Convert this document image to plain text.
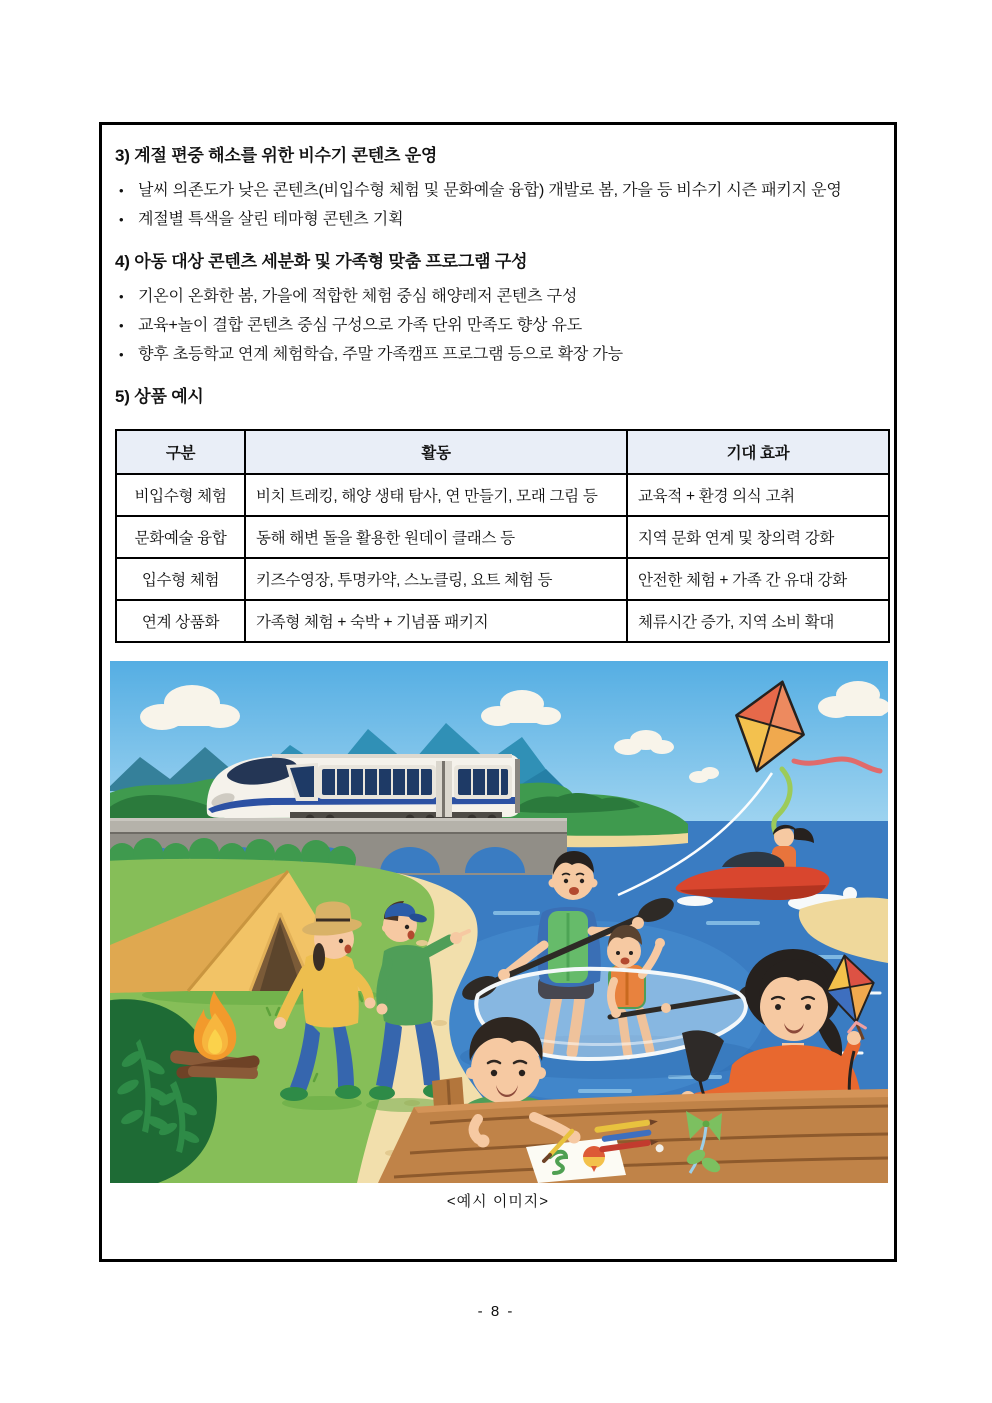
3) 계절 편중 해소를 위한 비수기 콘텐츠 운영
• 날씨 의존도가 낮은 콘텐츠(비입수형 체험 및 문화예술 융합) 개발로 봄, 가을 등 비수기 시즌 패키지 운영
• 계절별 특색을 살린 테마형 콘텐츠 기획
4) 아동 대상 콘텐츠 세분화 및 가족형 맞춤 프로그램 구성
• 기온이 온화한 봄, 가을에 적합한 체험 중심 해양레저 콘텐츠 구성
• 교육+놀이 결합 콘텐츠 중심 구성으로 가족 단위 만족도 향상 유도
• 향후 초등학교 연계 체험학습, 주말 가족캠프 프로그램 등으로 확장 가능
5) 상품 예시
구분	활동	기대 효과
비입수형 체험	비치 트레킹, 해양 생태 탐사, 연 만들기, 모래 그림 등	교육적 + 환경 의식 고취
문화예술 융합	동해 해변 돌을 활용한 원데이 클래스 등	지역 문화 연계 및 창의력 강화
입수형 체험	키즈수영장, 투명카약, 스노클링, 요트 체험 등	안전한 체험 + 가족 간 유대 강화
연계 상품화	가족형 체험 + 숙박 + 기념품 패키지	체류시간 증가, 지역 소비 확대
<예시 이미지>
- 8 -
